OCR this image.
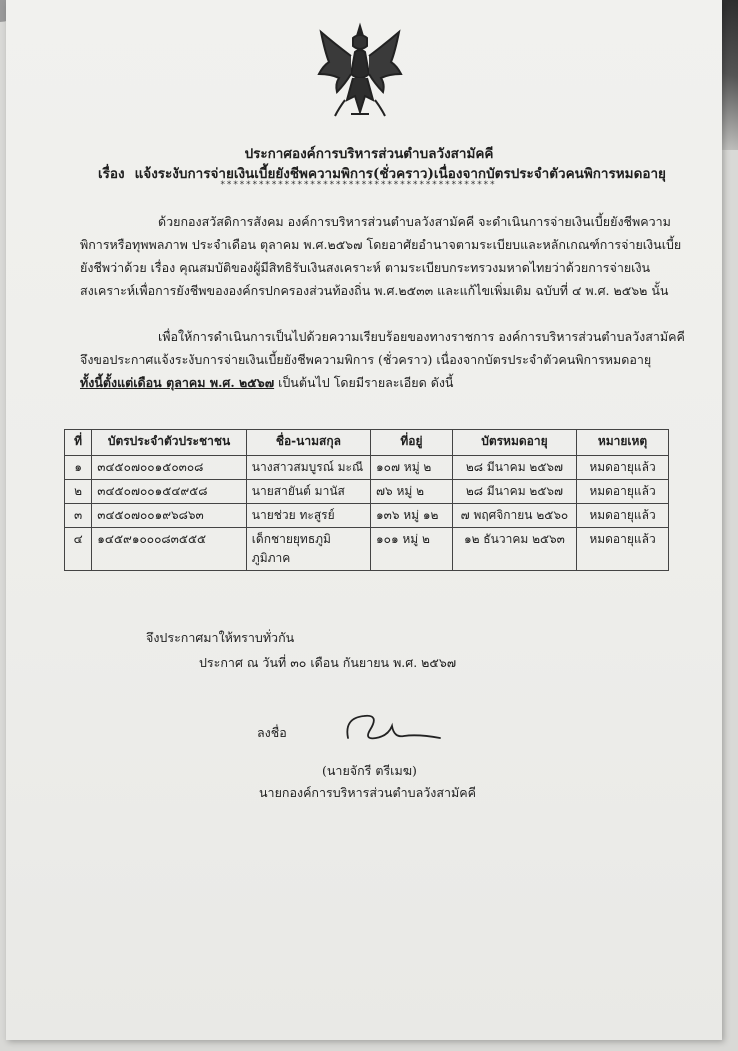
ประกาศองค์การบริหารส่วนตำบลวังสามัคคี
เรื่อง แจ้งระงับการจ่ายเงินเบี้ยยังชีพความพิการ(ชั่วคราว)เนื่องจากบัตรประจำตัวคนพิการหมดอายุ
*******************************************

ด้วยกองสวัสดิการสังคม องค์การบริหารส่วนตำบลวังสามัคคี จะดำเนินการจ่ายเงินเบี้ยยังชีพความ

พิการหรือทุพพลภาพ ประจำเดือน ตุลาคม พ.ศ.๒๕๖๗ โดยอาศัยอำนาจตามระเบียบและหลักเกณฑ์การจ่ายเงินเบี้ย

ยังชีพว่าด้วย เรื่อง คุณสมบัติของผู้มีสิทธิรับเงินสงเคราะห์ ตามระเบียบกระทรวงมหาดไทยว่าด้วยการจ่ายเงิน

สงเคราะห์เพื่อการยังชีพขององค์กรปกครองส่วนท้องถิ่น พ.ศ.๒๕๓๓ และแก้ไขเพิ่มเติม ฉบับที่ ๔ พ.ศ. ๒๕๖๒ นั้น

เพื่อให้การดำเนินการเป็นไปด้วยความเรียบร้อยของทางราชการ องค์การบริหารส่วนตำบลวังสามัคคี

จึงขอประกาศแจ้งระงับการจ่ายเงินเบี้ยยังชีพความพิการ (ชั่วคราว) เนื่องจากบัตรประจำตัวคนพิการหมดอายุ

ทั้งนี้ตั้งแต่เดือน ตุลาคม พ.ศ. ๒๕๖๗ เป็นต้นไป โดยมีรายละเอียด ดังนี้

ที่	บัตรประจำตัวประชาชน	ชื่อ-นามสกุล	ที่อยู่	บัตรหมดอายุ	หมายเหตุ
๑	๓๔๕๐๗๐๐๑๕๐๓๐๘	นางสาวสมบูรณ์ มะณี	๑๐๗ หมู่ ๒	๒๘ มีนาคม ๒๕๖๗	หมดอายุแล้ว
๒	๓๔๕๐๗๐๐๑๕๔๙๕๘	นายสายันต์ มานัส	๗๖ หมู่ ๒	๒๘ มีนาคม ๒๕๖๗	หมดอายุแล้ว
๓	๓๔๕๐๗๐๐๑๙๖๘๖๓	นายช่วย ทะสูรย์	๑๓๖ หมู่ ๑๒	๗ พฤศจิกายน ๒๕๖๐	หมดอายุแล้ว
๔	๑๔๕๙๑๐๐๐๘๓๕๕๕	เด็กชายยุทธภูมิ ภูมิภาค	๑๐๑ หมู่ ๒	๑๒ ธันวาคม ๒๕๖๓	หมดอายุแล้ว
จึงประกาศมาให้ทราบทั่วกัน
ประกาศ ณ วันที่ ๓๐ เดือน กันยายน พ.ศ. ๒๕๖๗
ลงชื่อ
(นายจักรี ตรีเมฆ)
นายกองค์การบริหารส่วนตำบลวังสามัคคี
